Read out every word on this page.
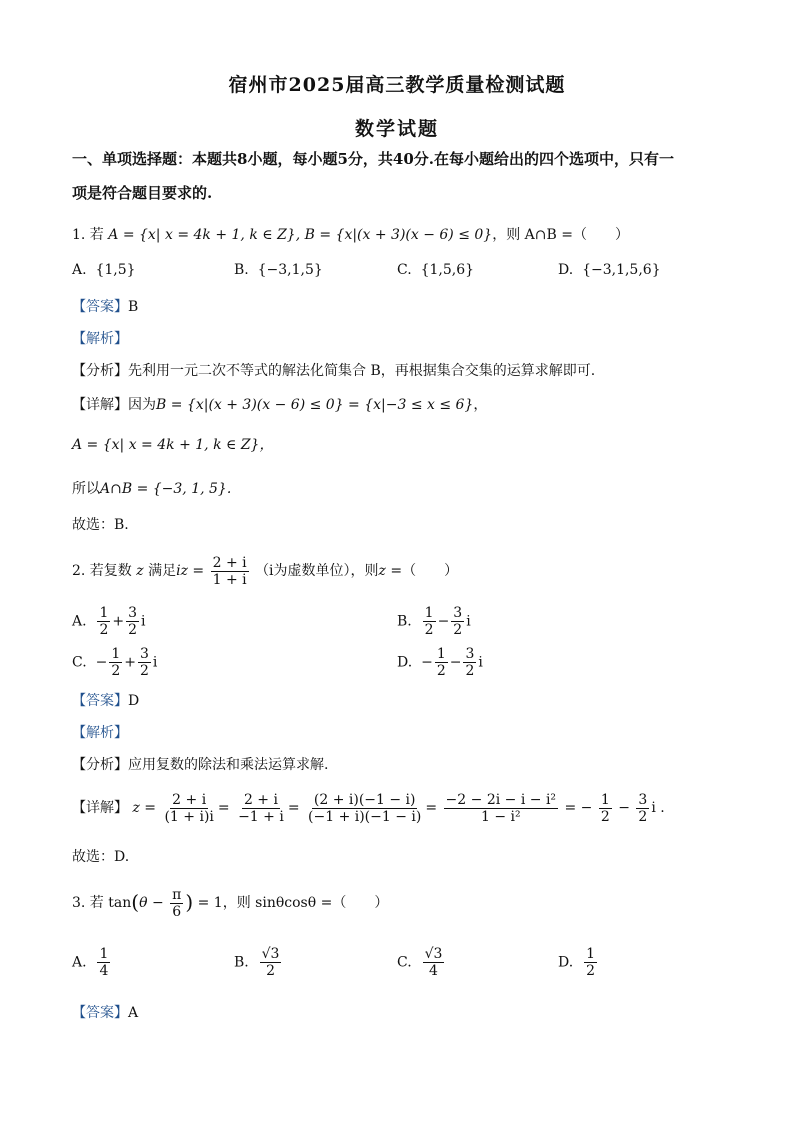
宿州市2025届高三教学质量检测试题
数学试题
一、单项选择题：本题共8小题，每小题5分，共40分.在每小题给出的四个选项中，只有一
项是符合题目要求的.
1. 若 A = {x| x = 4k + 1, k ∈ Z}, B = {x|(x + 3)(x − 6) ≤ 0}，则 A∩B =（　　）
A.  {1,5}	B.  {−3,1,5}	C.  {1,5,6}	D.  {−3,1,5,6}
【答案】B
【解析】
【分析】先利用一元二次不等式的解法化简集合 B，再根据集合交集的运算求解即可.
【详解】因为B = {x|(x + 3)(x − 6) ≤ 0} = {x|−3 ≤ x ≤ 6}，
A = {x| x = 4k + 1, k ∈ Z}，
所以A∩B = {−3, 1, 5}.
故选：B.
2. 若复数 z 满足iz = $\frac{2 + i}{1 + i} (i$为虚数单位），则z =（　　）
A. $\frac{1}{2} + \frac{3}{2}$ i	B. $\frac{1}{2} - \frac{3}{2}$ i
C.  − $\frac{1}{2} + \frac{3}{2}$ i	D.  − $\frac{1}{2} - \frac{3}{2}$ i
【答案】D
【解析】
【分析】应用复数的除法和乘法运算求解.
【详解】 $z = \frac{2 + i}{(1 + i)i} = \frac{2 + i}{-1 + i} = \frac{(2 + i)(-1 - i)}{(-1 + i)(-1 - i)} = \frac{\text{−2 − 2i − i − i²}}{\text{1 − i²}}$ = − $\frac{1}{2} - \frac{3}{2}$ i .
故选：D.
3. 若 $\tan(\theta - \frac{\pi}{6}$ ) = 1，则 sinθcosθ =（　　）
A. $\frac{1}{4}$	B. $\frac{√3}{2}$	C. $\frac{√3}{4}$	D. $\frac{1}{2}$
【答案】A
